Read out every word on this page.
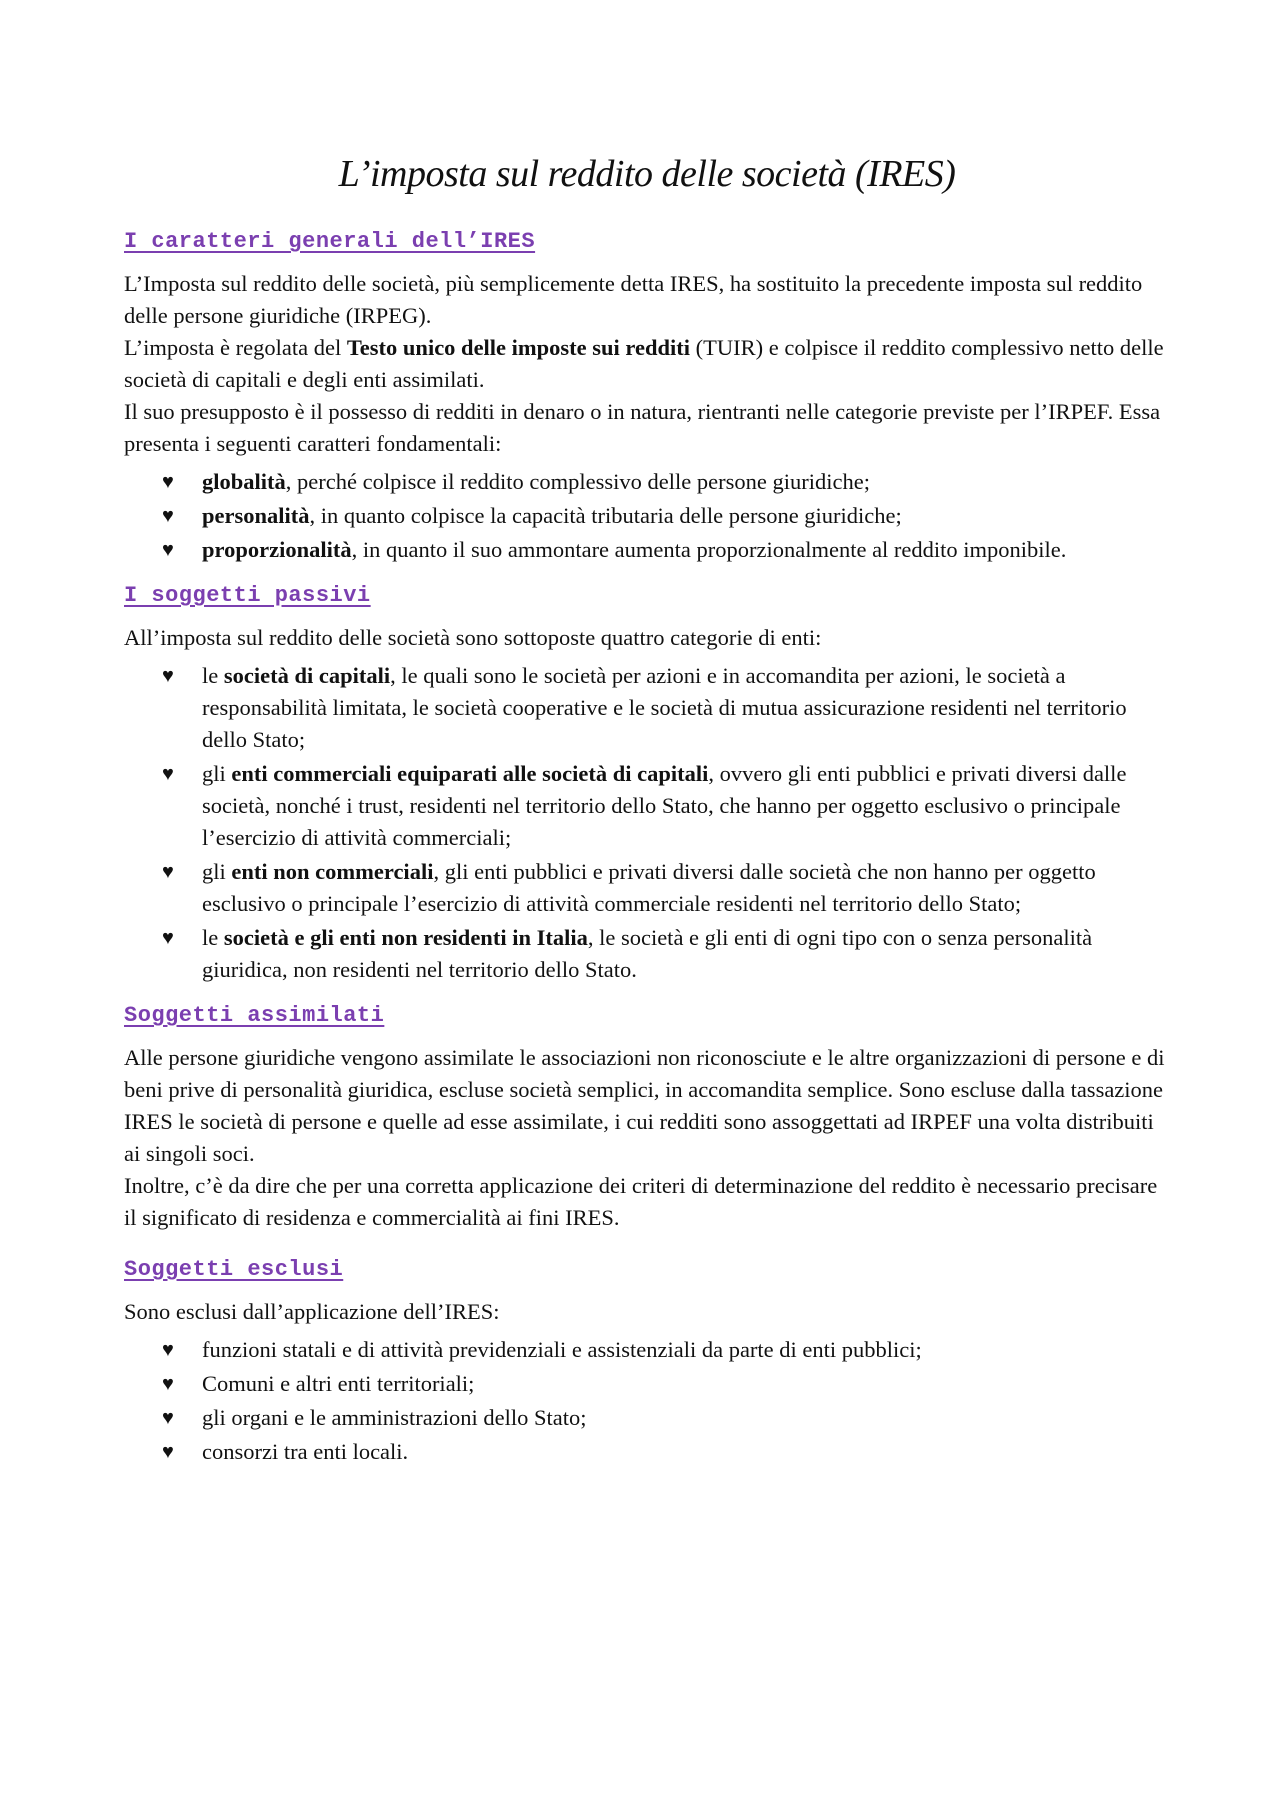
L’imposta sul reddito delle società (IRES)
I caratteri generali dell’IRES

L’Imposta sul reddito delle società, più semplicemente detta IRES, ha sostituito la precedente imposta sul reddito delle persone giuridiche (IRPEG).

L’imposta è regolata del Testo unico delle imposte sui redditi (TUIR) e colpisce il reddito complessivo netto delle società di capitali e degli enti assimilati.

Il suo presupposto è il possesso di redditi in denaro o in natura, rientranti nelle categorie previste per l’IRPEF. Essa presenta i seguenti caratteri fondamentali:

♥	globalità, perché colpisce il reddito complessivo delle persone giuridiche;
♥	personalità, in quanto colpisce la capacità tributaria delle persone giuridiche;
♥	proporzionalità, in quanto il suo ammontare aumenta proporzionalmente al reddito imponibile.
I soggetti passivi

All’imposta sul reddito delle società sono sottoposte quattro categorie di enti:

♥	le società di capitali, le quali sono le società per azioni e in accomandita per azioni, le società a responsabilità limitata, le società cooperative e le società di mutua assicurazione residenti nel territorio dello Stato;
♥	gli enti commerciali equiparati alle società di capitali, ovvero gli enti pubblici e privati diversi dalle società, nonché i trust, residenti nel territorio dello Stato, che hanno per oggetto esclusivo o principale l’esercizio di attività commerciali;
♥	gli enti non commerciali, gli enti pubblici e privati diversi dalle società che non hanno per oggetto esclusivo o principale l’esercizio di attività commerciale residenti nel territorio dello Stato;
♥	le società e gli enti non residenti in Italia, le società e gli enti di ogni tipo con o senza personalità giuridica, non residenti nel territorio dello Stato.
Soggetti assimilati

Alle persone giuridiche vengono assimilate le associazioni non riconosciute e le altre organizzazioni di persone e di beni prive di personalità giuridica, escluse società semplici, in accomandita semplice. Sono escluse dalla tassazione IRES le società di persone e quelle ad esse assimilate, i cui redditi sono assoggettati ad IRPEF una volta distribuiti ai singoli soci.

Inoltre, c’è da dire che per una corretta applicazione dei criteri di determinazione del reddito è necessario precisare il significato di residenza e commercialità ai fini IRES.

Soggetti esclusi

Sono esclusi dall’applicazione dell’IRES:

♥	funzioni statali e di attività previdenziali e assistenziali da parte di enti pubblici;
♥	Comuni e altri enti territoriali;
♥	gli organi e le amministrazioni dello Stato;
♥	consorzi tra enti locali.
